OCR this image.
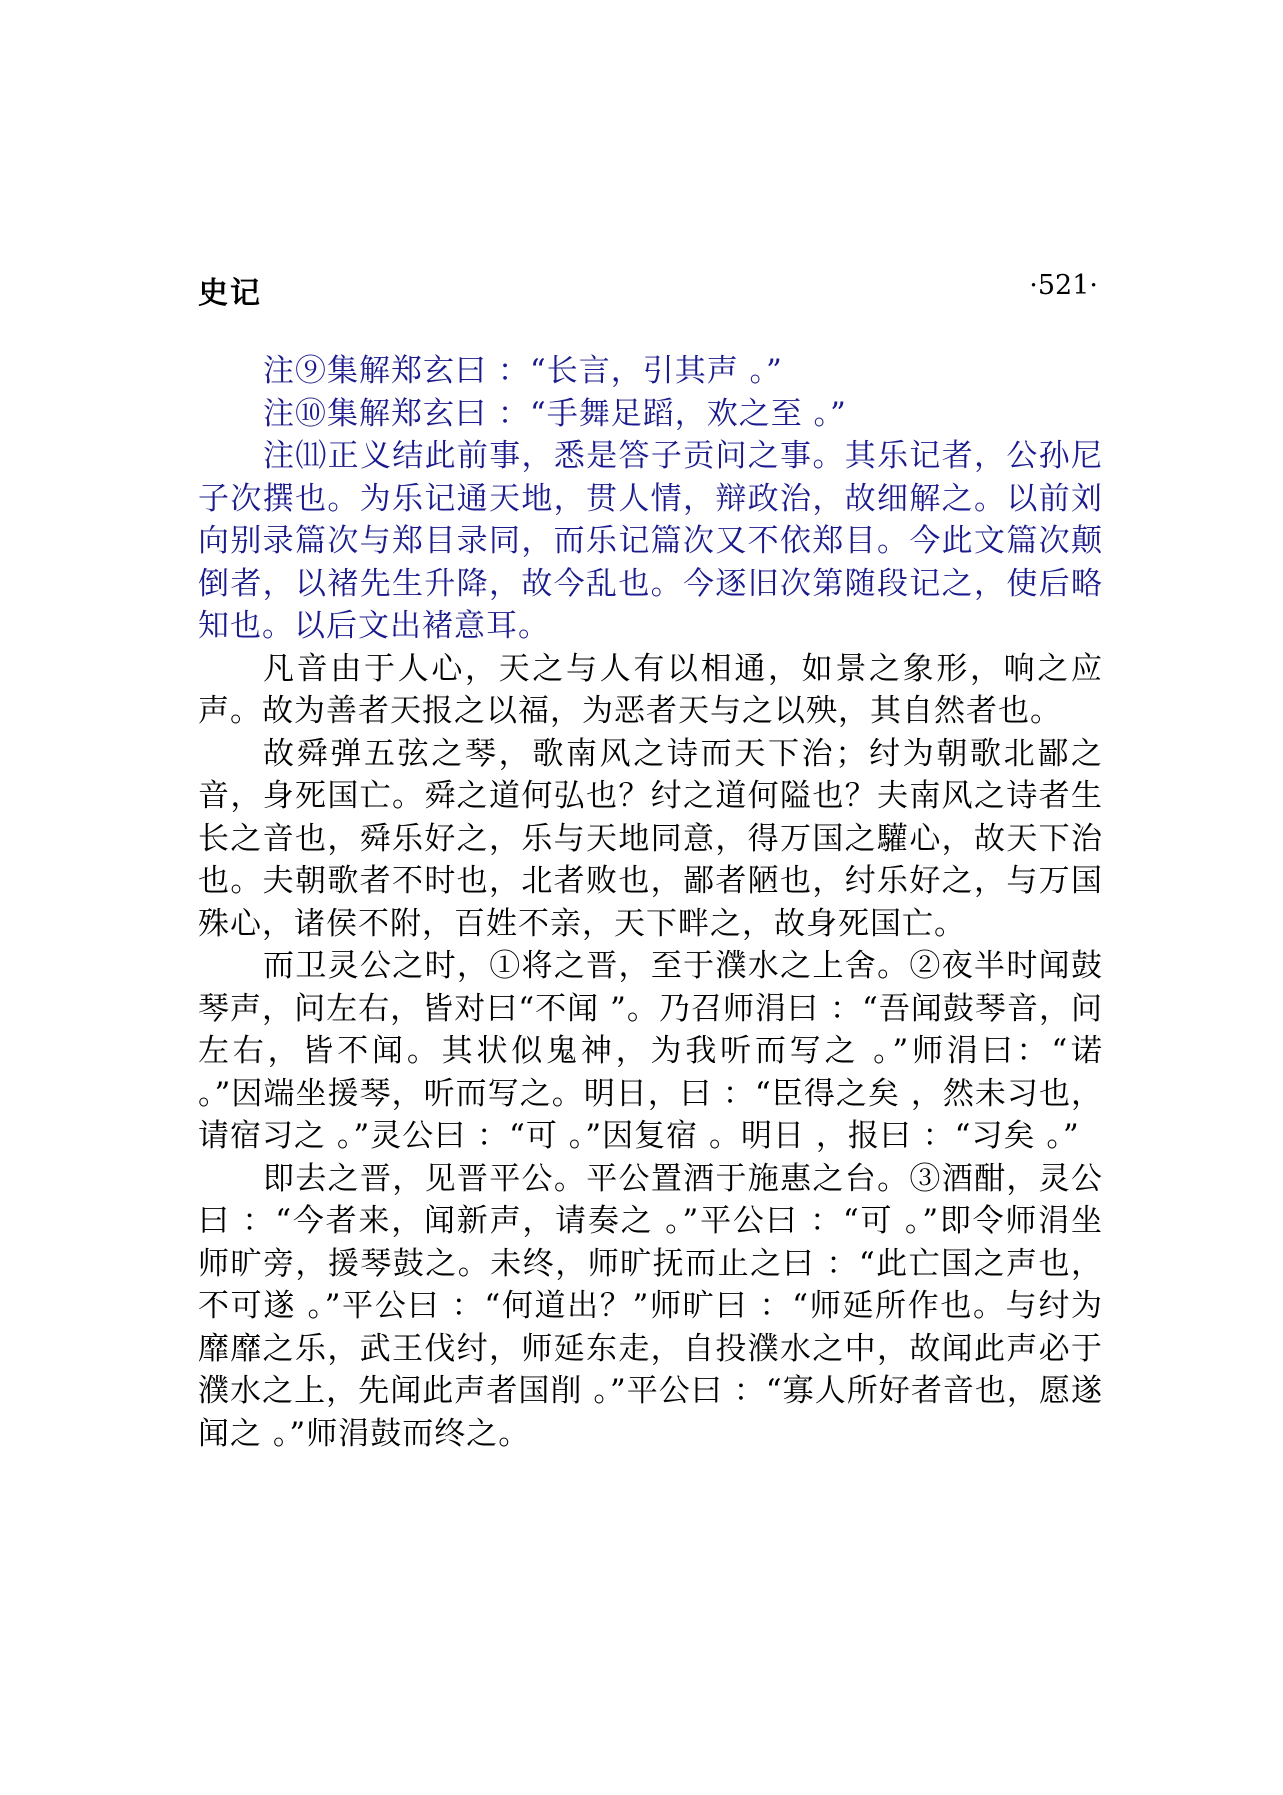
史记	·521·

注⑨集解郑玄曰 ：“长言，引其声 。”

注⑩集解郑玄曰 ：“手舞足蹈，欢之至 。”

注⑾正义结此前事，悉是答子贡问之事。其乐记者，公孙尼子次撰也。为乐记通天地，贯人情，辩政治，故细解之。以前刘向别录篇次与郑目录同，而乐记篇次又不依郑目。今此文篇次颠倒者，以褚先生升降，故今乱也。今逐旧次第随段记之，使后略知也。以后文出褚意耳。

凡音由于人心，天之与人有以相通，如景之象形，响之应声。故为善者天报之以福，为恶者天与之以殃，其自然者也。

故舜弹五弦之琴，歌南风之诗而天下治；纣为朝歌北鄙之音，身死国亡。舜之道何弘也？纣之道何隘也？夫南风之诗者生长之音也，舜乐好之，乐与天地同意，得万国之驩心，故天下治也。夫朝歌者不时也，北者败也，鄙者陋也，纣乐好之，与万国殊心，诸侯不附，百姓不亲，天下畔之，故身死国亡。

而卫灵公之时，①将之晋，至于濮水之上舍。②夜半时闻鼓琴声，问左右，皆对曰“不闻 ”。乃召师涓曰 ：“吾闻鼓琴音，问左右，皆不闻。其状似鬼神，为我听而写之 。”师涓曰：“诺 。”因端坐援琴，听而写之。明日，曰 ：“臣得之矣 ，然未习也，请宿习之 。”灵公曰 ：“可 。”因复宿 。明日 ，报曰 ：“习矣 。”

即去之晋，见晋平公。平公置酒于施惠之台。③酒酣，灵公曰 ：“今者来，闻新声，请奏之 。”平公曰 ：“可 。”即令师涓坐师旷旁，援琴鼓之。未终，师旷抚而止之曰 ：“此亡国之声也，不可遂 。”平公曰 ：“何道出？”师旷曰 ：“师延所作也。与纣为靡靡之乐，武王伐纣，师延东走，自投濮水之中，故闻此声必于濮水之上，先闻此声者国削 。”平公曰 ：“寡人所好者音也，愿遂闻之 。”师涓鼓而终之。
